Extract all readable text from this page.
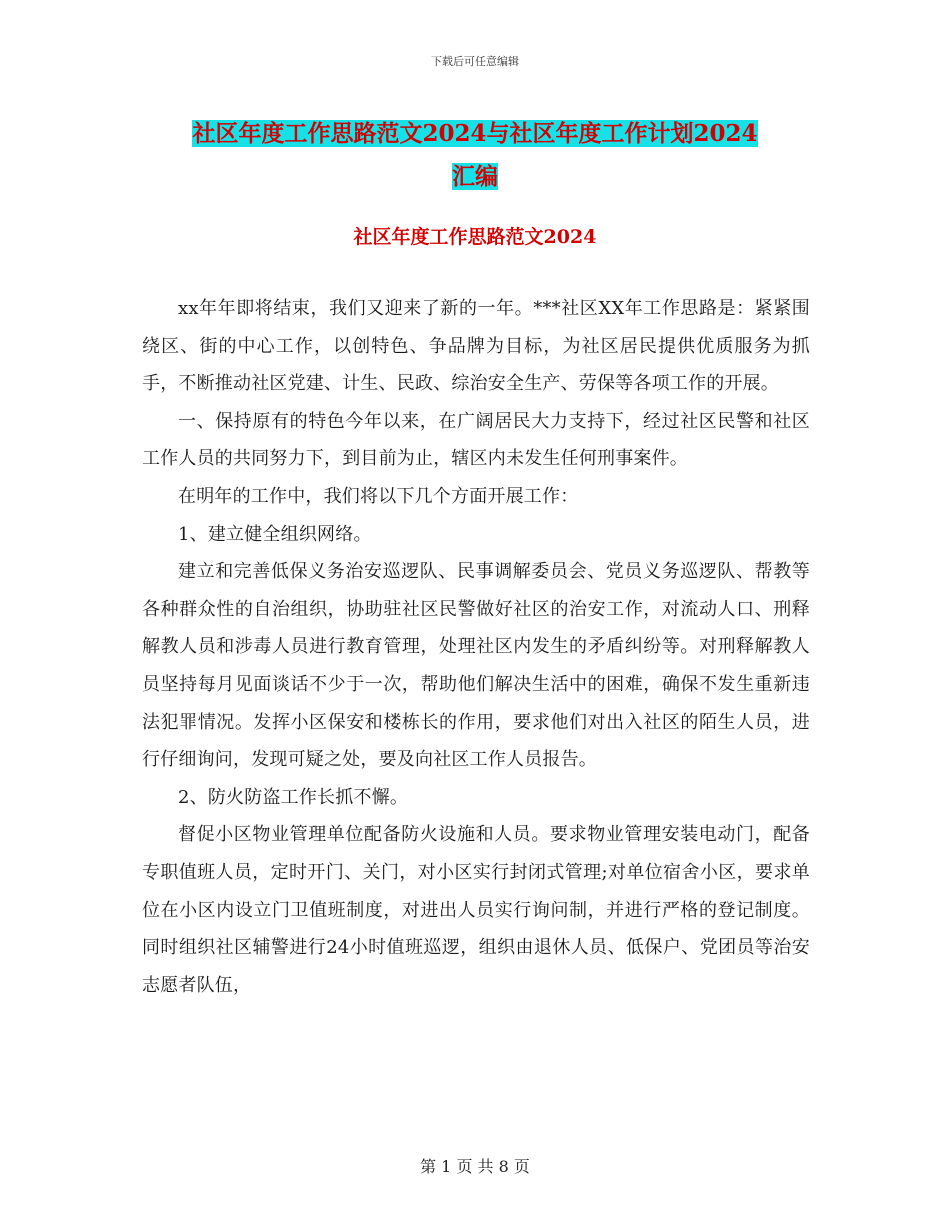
下载后可任意编辑
社区年度工作思路范文2024与社区年度工作计划2024
汇编
社区年度工作思路范文2024

xx年年即将结束，我们又迎来了新的一年。***社区XX年工作思路是：紧紧围绕区、街的中心工作，以创特色、争品牌为目标，为社区居民提供优质服务为抓手，不断推动社区党建、计生、民政、综治安全生产、劳保等各项工作的开展。

一、保持原有的特色今年以来，在广阔居民大力支持下，经过社区民警和社区工作人员的共同努力下，到目前为止，辖区内未发生任何刑事案件。

在明年的工作中，我们将以下几个方面开展工作：

1、建立健全组织网络。

建立和完善低保义务治安巡逻队、民事调解委员会、党员义务巡逻队、帮教等各种群众性的自治组织，协助驻社区民警做好社区的治安工作，对流动人口、刑释解教人员和涉毒人员进行教育管理，处理社区内发生的矛盾纠纷等。对刑释解教人员坚持每月见面谈话不少于一次，帮助他们解决生活中的困难，确保不发生重新违法犯罪情况。发挥小区保安和楼栋长的作用，要求他们对出入社区的陌生人员，进行仔细询问，发现可疑之处，要及向社区工作人员报告。

2、防火防盗工作长抓不懈。

督促小区物业管理单位配备防火设施和人员。要求物业管理安装电动门，配备专职值班人员，定时开门、关门，对小区实行封闭式管理;对单位宿舍小区，要求单位在小区内设立门卫值班制度，对进出人员实行询问制，并进行严格的登记制度。同时组织社区辅警进行24小时值班巡逻，组织由退休人员、低保户、党团员等治安志愿者队伍，

第 1 页 共 8 页
